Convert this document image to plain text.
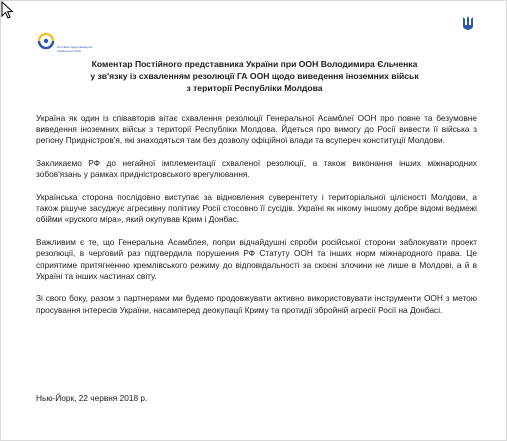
Постійне представництво України при ООН
Коментар Постійного представника України при ООН Володимира Єльченка
у зв'язку із схваленням резолюції ГА ООН щодо виведення іноземних військ
з території Республіки Молдова

Україна як один із співавторів вітає схвалення резолюції Генеральної Асамблеї ООН про повне та безумовне виведення іноземних військ з території Республіки Молдова. Йдеться про вимогу до Росії вивести її війська з регіону Придністров'я, які знаходяться там без дозволу офіційної влади та всупереч конституції Молдови.

Закликаємо РФ до негайної імплементації схваленої резолюції, а також виконання інших міжнародних зобов'язань у рамках придністровського врегулювання.

Українська сторона послідовно виступає за відновлення суверенітету і територіальної цілісності Молдови, а також рішуче засуджує агресивну політику Росії стосовно її сусідів. Україні як нікому іншому добре відомі ведмежі обійми «руского міра», який окупував Крим і Донбас.

Важливим є те, що Генеральна Асамблея, попри відчайдушні спроби російської сторони заблокувати проект резолюції, в черговий раз підтвердила порушення РФ Статуту ООН та інших норм міжнародного права. Це сприятиме притягненню кремлівського режиму до відповідальності за скоєні злочини не лише в Молдові, а й в Україні та інших частинах світу.

Зі свого боку, разом з партнерами ми будемо продовжувати активно використовувати інструменти ООН з метою просування інтересів України, насамперед деокупації Криму та протидії збройній агресії Росії на Донбасі.

Нью-Йорк, 22 червня 2018 р.
